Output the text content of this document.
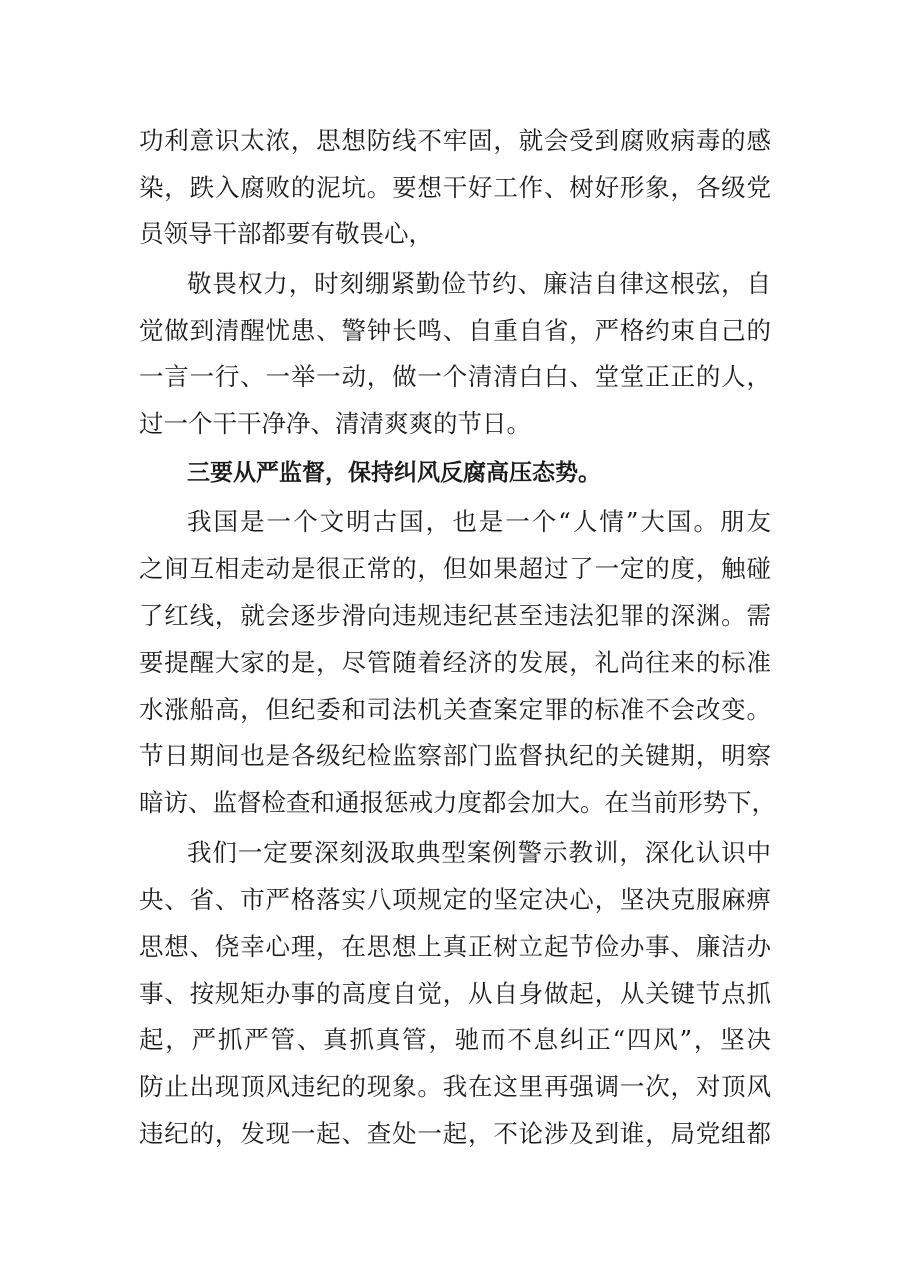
功利意识太浓，思想防线不牢固，就会受到腐败病毒的感
染，跌入腐败的泥坑。要想干好工作、树好形象，各级党
员领导干部都要有敬畏心，
敬畏权力，时刻绷紧勤俭节约、廉洁自律这根弦，自
觉做到清醒忧患、警钟长鸣、自重自省，严格约束自己的
一言一行、一举一动，做一个清清白白、堂堂正正的人，
过一个干干净净、清清爽爽的节日。
三要从严监督，保持纠风反腐高压态势。
我国是一个文明古国，也是一个“人情”大国。朋友
之间互相走动是很正常的，但如果超过了一定的度，触碰
了红线，就会逐步滑向违规违纪甚至违法犯罪的深渊。需
要提醒大家的是，尽管随着经济的发展，礼尚往来的标准
水涨船高，但纪委和司法机关查案定罪的标准不会改变。
节日期间也是各级纪检监察部门监督执纪的关键期，明察
暗访、监督检查和通报惩戒力度都会加大。在当前形势下，
我们一定要深刻汲取典型案例警示教训，深化认识中
央、省、市严格落实八项规定的坚定决心，坚决克服麻痹
思想、侥幸心理，在思想上真正树立起节俭办事、廉洁办
事、按规矩办事的高度自觉，从自身做起，从关键节点抓
起，严抓严管、真抓真管，驰而不息纠正“四风”，坚决
防止出现顶风违纪的现象。我在这里再强调一次，对顶风
违纪的，发现一起、查处一起，不论涉及到谁，局党组都
